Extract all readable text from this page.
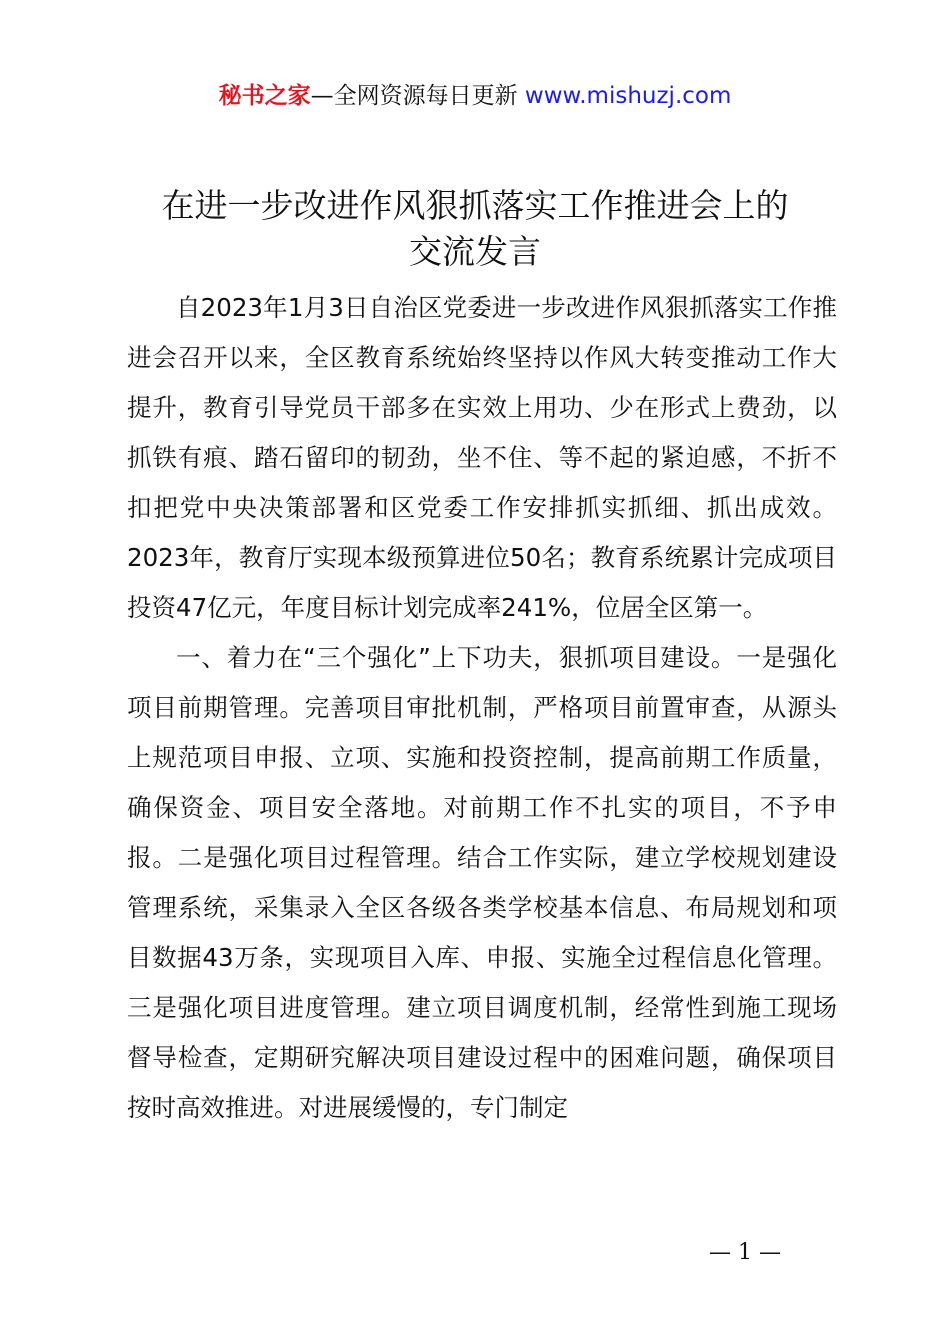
秘书之家—全网资源每日更新 www.mishuzj.com
在进一步改进作风狠抓落实工作推进会上的
交流发言

自2023年1月3日自治区党委进一步改进作风狠抓落实工作推进会召开以来，全区教育系统始终坚持以作风大转变推动工作大提升，教育引导党员干部多在实效上用功、少在形式上费劲，以抓铁有痕、踏石留印的韧劲，坐不住、等不起的紧迫感，不折不扣把党中央决策部署和区党委工作安排抓实抓细、抓出成效。2023年，教育厅实现本级预算进位50名；教育系统累计完成项目投资47亿元，年度目标计划完成率241%，位居全区第一。

一、着力在“三个强化”上下功夫，狠抓项目建设。一是强化项目前期管理。完善项目审批机制，严格项目前置审查，从源头上规范项目申报、立项、实施和投资控制，提高前期工作质量，确保资金、项目安全落地。对前期工作不扎实的项目，不予申报。二是强化项目过程管理。结合工作实际，建立学校规划建设管理系统，采集录入全区各级各类学校基本信息、布局规划和项目数据43万条，实现项目入库、申报、实施全过程信息化管理。三是强化项目进度管理。建立项目调度机制，经常性到施工现场督导检查，定期研究解决项目建设过程中的困难问题，确保项目按时高效推进。对进展缓慢的，专门制定

— 1 —
